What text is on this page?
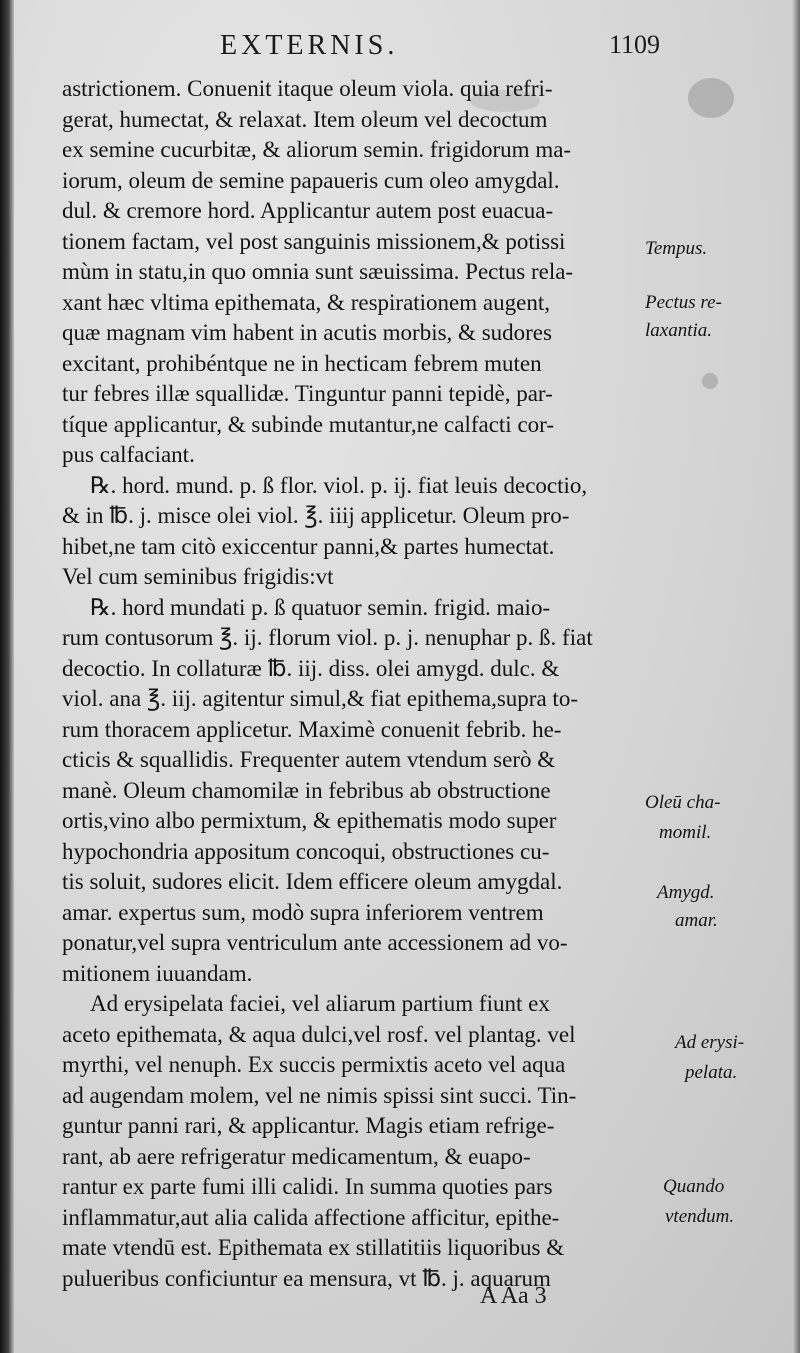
EXTERNIS.	1109
astrictionem. Conuenit itaque oleum viola. quia refri-
gerat, humectat, & relaxat. Item oleum vel decoctum
ex semine cucurbitæ, & aliorum semin. frigidorum ma-
iorum, oleum de semine papaueris cum oleo amygdal.
dul. & cremore hord. Applicantur autem post euacua-
tionem factam, vel post sanguinis missionem,& potissi
mùm in statu,in quo omnia sunt sæuissima. Pectus rela-
xant hæc vltima epithemata, & respirationem augent,
quæ magnam vim habent in acutis morbis, & sudores
excitant, prohibéntque ne in hecticam febrem muten
tur febres illæ squallidæ. Tinguntur panni tepidè, par-
tíque applicantur, & subinde mutantur,ne calfacti cor-
pus calfaciant.
℞. hord. mund. p. ß flor. viol. p. ij. fiat leuis decoctio,
& in ℔. j. misce olei viol. ℥. iiij applicetur. Oleum pro-
hibet,ne tam citò exiccentur panni,& partes humectat.
Vel cum seminibus frigidis:vt
℞. hord mundati p. ß quatuor semin. frigid. maio-
rum contusorum ℥. ij. florum viol. p. j. nenuphar p. ß. fiat
decoctio. In collaturæ ℔. iij. diss. olei amygd. dulc. &
viol. ana ℥. iij. agitentur simul,& fiat epithema,supra to-
rum thoracem applicetur. Maximè conuenit febrib. he-
cticis & squallidis. Frequenter autem vtendum serò &
manè. Oleum chamomilæ in febribus ab obstructione
ortis,vino albo permixtum, & epithematis modo super
hypochondria appositum concoqui, obstructiones cu-
tis soluit, sudores elicit. Idem efficere oleum amygdal.
amar. expertus sum, modò supra inferiorem ventrem
ponatur,vel supra ventriculum ante accessionem ad vo-
mitionem iuuandam.
Ad erysipelata faciei, vel aliarum partium fiunt ex
aceto epithemata, & aqua dulci,vel rosf. vel plantag. vel
myrthi, vel nenuph. Ex succis permixtis aceto vel aqua
ad augendam molem, vel ne nimis spissi sint succi. Tin-
guntur panni rari, & applicantur. Magis etiam refrige-
rant, ab aere refrigeratur medicamentum, & euapo-
rantur ex parte fumi illi calidi. In summa quoties pars
inflammatur,aut alia calida affectione afficitur, epithe-
mate vtendū est. Epithemata ex stillatitiis liquoribus &
pulueribus conficiuntur ea mensura, vt ℔. j. aquarum
Tempus.
Pectus re-
laxantia.
Oleū cha-
momil.
Amygd.
amar.
Ad erysi-
pelata.
Quando
vtendum.
A Aa 3
